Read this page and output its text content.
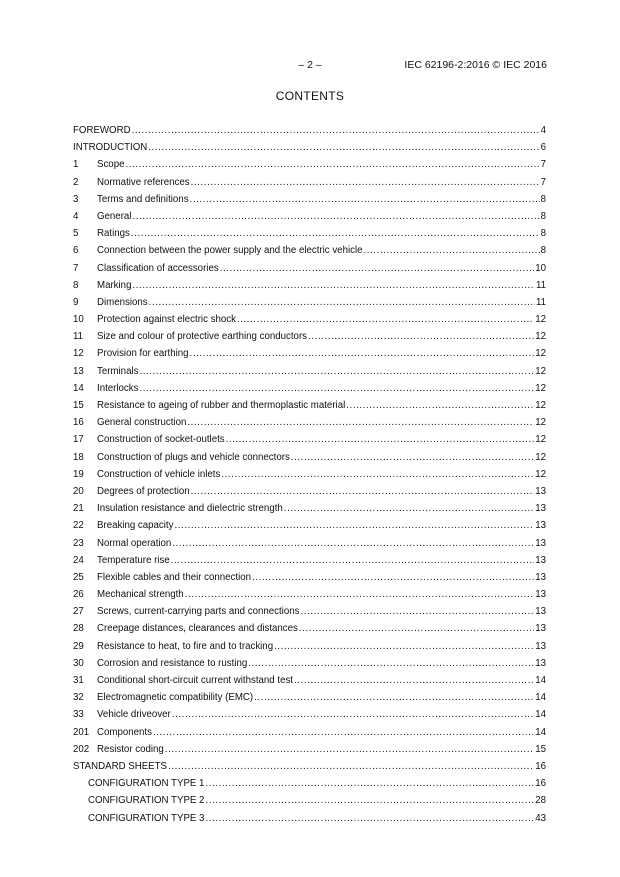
– 2 –	IEC 62196-2:2016 © IEC 2016
CONTENTS
FOREWORD .....	4
INTRODUCTION .....	6
1	Scope .....	7
2	Normative references .....	7
3	Terms and definitions .....	8
4	General .....	8
5	Ratings .....	8
6	Connection between the power supply and the electric vehicle .....	8
7	Classification of accessories .....	10
8	Marking .....	11
9	Dimensions .....	11
10	Protection against electric shock .....	12
11	Size and colour of protective earthing conductors .....	12
12	Provision for earthing .....	12
13	Terminals .....	12
14	Interlocks .....	12
15	Resistance to ageing of rubber and thermoplastic material .....	12
16	General construction .....	12
17	Construction of socket-outlets .....	12
18	Construction of plugs and vehicle connectors .....	12
19	Construction of vehicle inlets .....	12
20	Degrees of protection .....	13
21	Insulation resistance and dielectric strength .....	13
22	Breaking capacity .....	13
23	Normal operation .....	13
24	Temperature rise .....	13
25	Flexible cables and their connection .....	13
26	Mechanical strength .....	13
27	Screws, current-carrying parts and connections .....	13
28	Creepage distances, clearances and distances .....	13
29	Resistance to heat, to fire and to tracking .....	13
30	Corrosion and resistance to rusting .....	13
31	Conditional short-circuit current withstand test .....	14
32	Electromagnetic compatibility (EMC) .....	14
33	Vehicle driveover .....	14
201 Components .....	14
202 Resistor coding .....	15
STANDARD SHEETS .....	16
CONFIGURATION TYPE 1 .....	16
CONFIGURATION TYPE 2 .....	28
CONFIGURATION TYPE 3 .....	43
